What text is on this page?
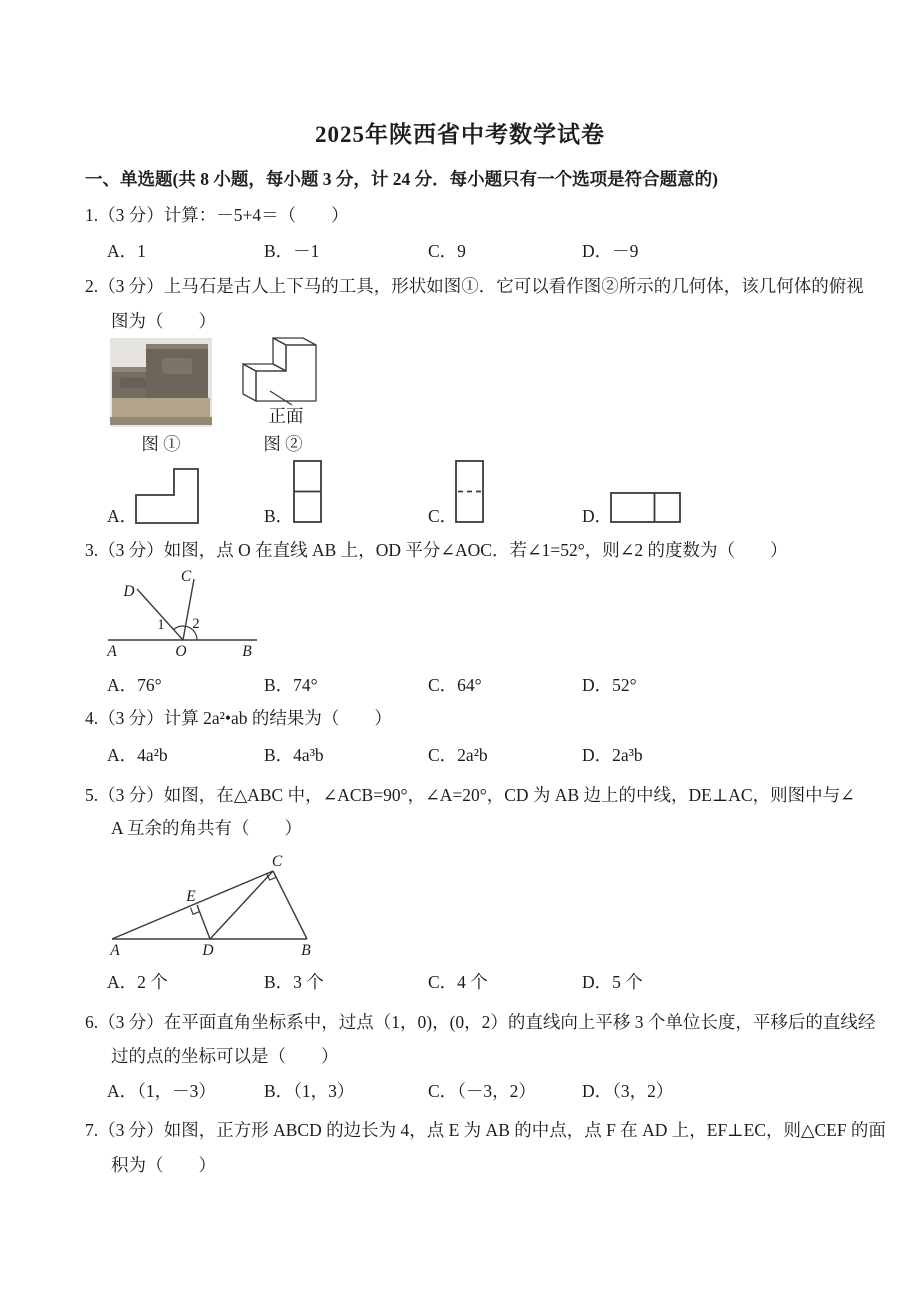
2025年陕西省中考数学试卷
一、单选题(共 8 小题，每小题 3 分，计 24 分．每小题只有一个选项是符合题意的)
1.（3 分）计算：－5+4＝（　　）
A．1	B．－1	C．9	D．－9
2.（3 分）上马石是古人上下马的工具，形状如图①．它可以看作图②所示的几何体，该几何体的俯视
图为（　　）
正面
图 ①	图 ②
A．	B．	C．	D．
3.（3 分）如图，点 O 在直线 AB 上，OD 平分∠AOC．若∠1=52°，则∠2 的度数为（　　）
D
C
1 2
A	O	B
A．76°	B．74°	C．64°	D．52°
4.（3 分）计算 2a²•ab 的结果为（　　）
A．4a²b	B．4a³b	C．2a²b	D．2a³b
5.（3 分）如图，在△ABC 中，∠ACB=90°，∠A=20°，CD 为 AB 边上的中线，DE⊥AC，则图中与∠
A 互余的角共有（　　）
A	D	B
C
E
A．2 个	B．3 个	C．4 个	D．5 个
6.（3 分）在平面直角坐标系中，过点（1，0)，(0，2）的直线向上平移 3 个单位长度，平移后的直线经
过的点的坐标可以是（　　）
A．（1，－3）	B．（1，3）	C．（－3，2）	D．（3，2）
7.（3 分）如图，正方形 ABCD 的边长为 4，点 E 为 AB 的中点，点 F 在 AD 上，EF⊥EC，则△CEF 的面
积为（　　）
